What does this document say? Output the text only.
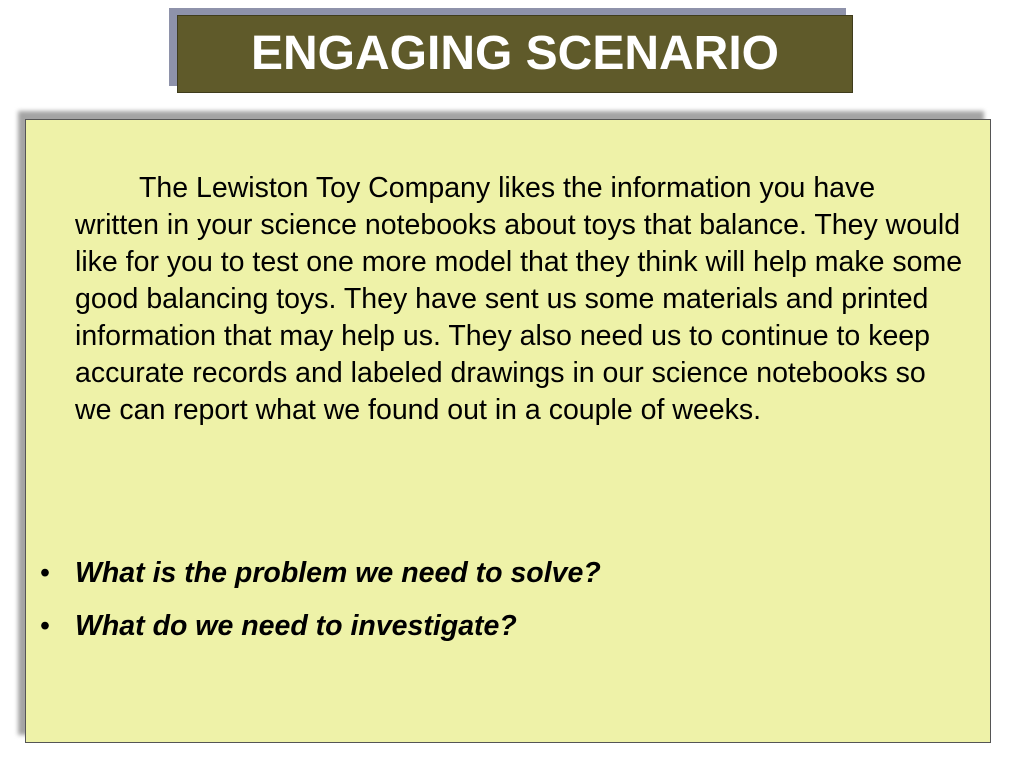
ENGAGING SCENARIO

The Lewiston Toy Company likes the information you have written in your science notebooks about toys that balance. They would like for you to test one more model that they think will help make some good balancing toys. They have sent us some materials and printed information that may help us. They also need us to continue to keep accurate records and labeled drawings in our science notebooks so we can report what we found out in a couple of weeks.

• What is the problem we need to solve?
• What do we need to investigate?
